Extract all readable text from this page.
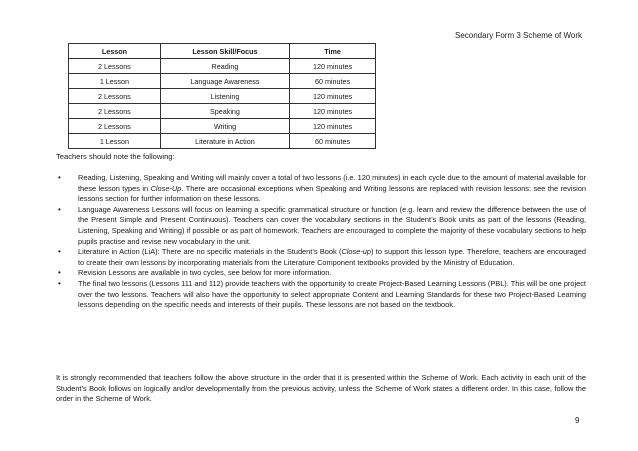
Secondary Form 3 Scheme of Work
Lesson	Lesson Skill/Focus	Time
2 Lessons	Reading	120 minutes
1 Lesson	Language Awareness	60 minutes
2 Lessons	Listening	120 minutes
2 Lessons	Speaking	120 minutes
2 Lessons	Writing	120 minutes
1 Lesson	Literature in Action	60 minutes
Teachers should note the following:
• Reading, Listening, Speaking and Writing will mainly cover a total of two lessons (i.e. 120 minutes) in each cycle due to the amount of material available for these lesson types in Close-Up. There are occasional exceptions when Speaking and Writing lessons are replaced with revision lessons: see the revision lessons section for further information on these lessons.
• Language Awareness Lessons will focus on learning a specific grammatical structure or function (e.g. learn and review the difference between the use of the Present Simple and Present Continuous). Teachers can cover the vocabulary sections in the Student’s Book units as part of the lessons (Reading, Listening, Speaking and Writing) if possible or as part of homework. Teachers are encouraged to complete the majority of these vocabulary sections to help pupils practise and revise new vocabulary in the unit.
• Literature in Action (LiA): There are no specific materials in the Student’s Book (Close-up) to support this lesson type. Therefore, teachers are encouraged to create their own lessons by incorporating materials from the Literature Component textbooks provided by the Ministry of Education.
• Revision Lessons are available in two cycles, see below for more information.
• The final two lessons (Lessons 111 and 112) provide teachers with the opportunity to create Project-Based Learning Lessons (PBL). This will be one project over the two lessons. Teachers will also have the opportunity to select appropriate Content and Learning Standards for these two Project-Based Learning lessons depending on the specific needs and interests of their pupils. These lessons are not based on the textbook.
It is strongly recommended that teachers follow the above structure in the order that it is presented within the Scheme of Work. Each activity in each unit of the Student’s Book follows on logically and/or developmentally from the previous activity, unless the Scheme of Work states a different order. In this case, follow the order in the Scheme of Work.
9
